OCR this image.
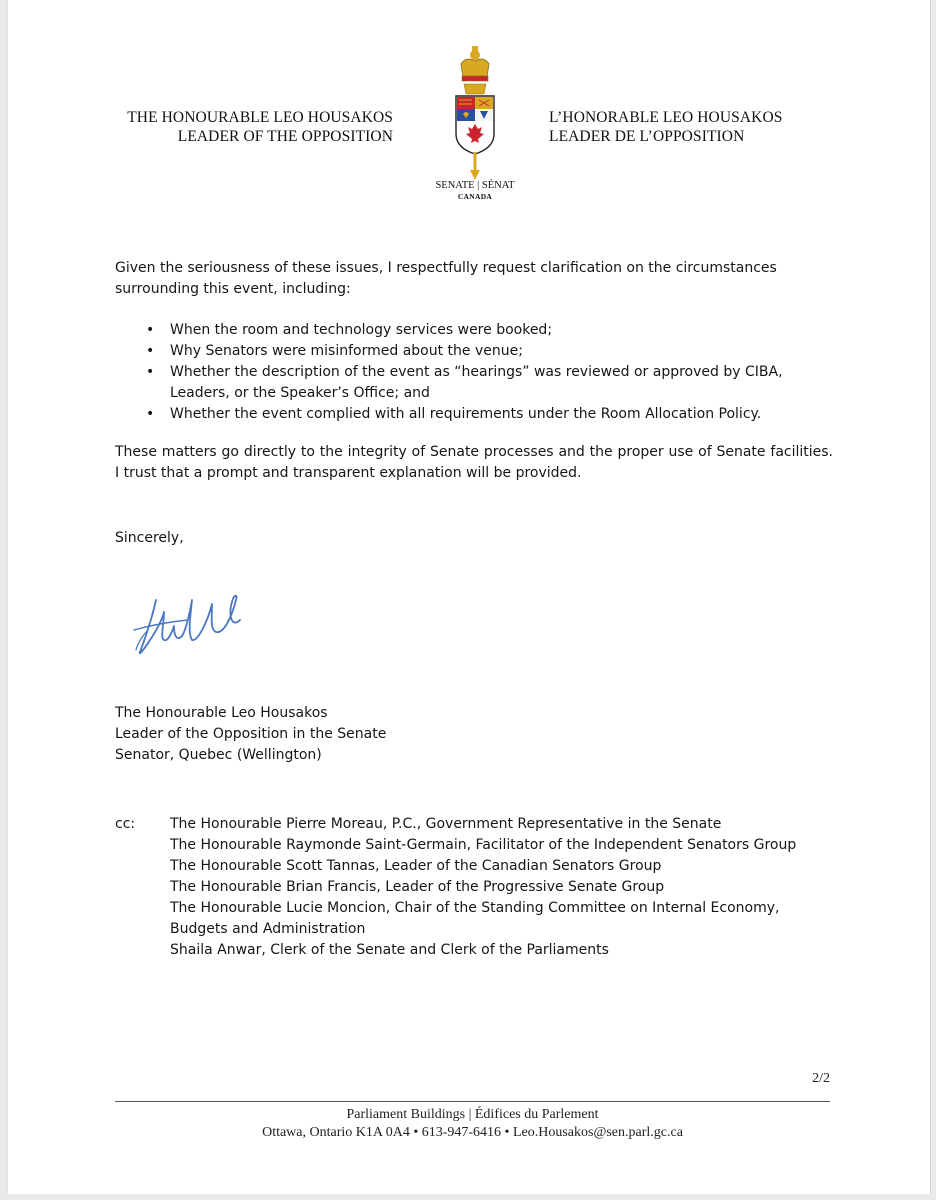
THE HONOURABLE LEO HOUSAKOS
LEADER OF THE OPPOSITION
SENATE | SÉNAT
CANADA
L’HONORABLE LEO HOUSAKOS
LEADER DE L’OPPOSITION
Given the seriousness of these issues, I respectfully request clarification on the circumstances surrounding this event, including:
• When the room and technology services were booked;
• Why Senators were misinformed about the venue;
• Whether the description of the event as “hearings” was reviewed or approved by CIBA, Leaders, or the Speaker’s Office; and
• Whether the event complied with all requirements under the Room Allocation Policy.
These matters go directly to the integrity of Senate processes and the proper use of Senate facilities. I trust that a prompt and transparent explanation will be provided.
Sincerely,
The Honourable Leo Housakos
Leader of the Opposition in the Senate
Senator, Quebec (Wellington)
cc: The Honourable Pierre Moreau, P.C., Government Representative in the Senate
The Honourable Raymonde Saint-Germain, Facilitator of the Independent Senators Group
The Honourable Scott Tannas, Leader of the Canadian Senators Group
The Honourable Brian Francis, Leader of the Progressive Senate Group
The Honourable Lucie Moncion, Chair of the Standing Committee on Internal Economy, Budgets and Administration
Shaila Anwar, Clerk of the Senate and Clerk of the Parliaments
2/2
Parliament Buildings | Édifices du Parlement
Ottawa, Ontario K1A 0A4 • 613-947-6416 • Leo.Housakos@sen.parl.gc.ca
